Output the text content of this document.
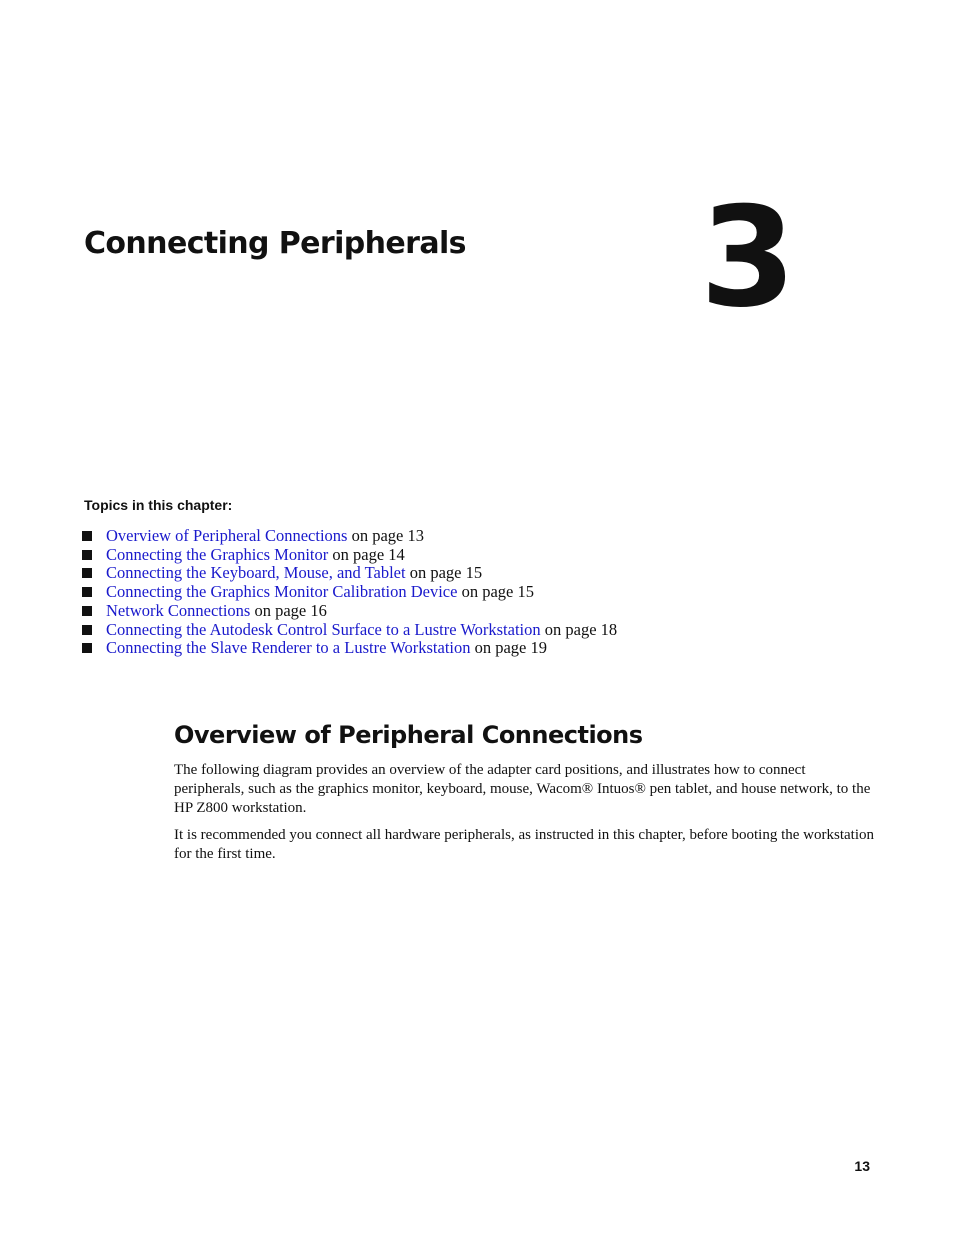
Connecting Peripherals 3
Topics in this chapter:
Overview of Peripheral Connections on page 13
Connecting the Graphics Monitor on page 14
Connecting the Keyboard, Mouse, and Tablet on page 15
Connecting the Graphics Monitor Calibration Device on page 15
Network Connections on page 16
Connecting the Autodesk Control Surface to a Lustre Workstation on page 18
Connecting the Slave Renderer to a Lustre Workstation on page 19
Overview of Peripheral Connections

The following diagram provides an overview of the adapter card positions, and illustrates how to connect peripherals, such as the graphics monitor, keyboard, mouse, Wacom® Intuos® pen tablet, and house network, to the HP Z800 workstation.

It is recommended you connect all hardware peripherals, as instructed in this chapter, before booting the workstation for the first time.

13
